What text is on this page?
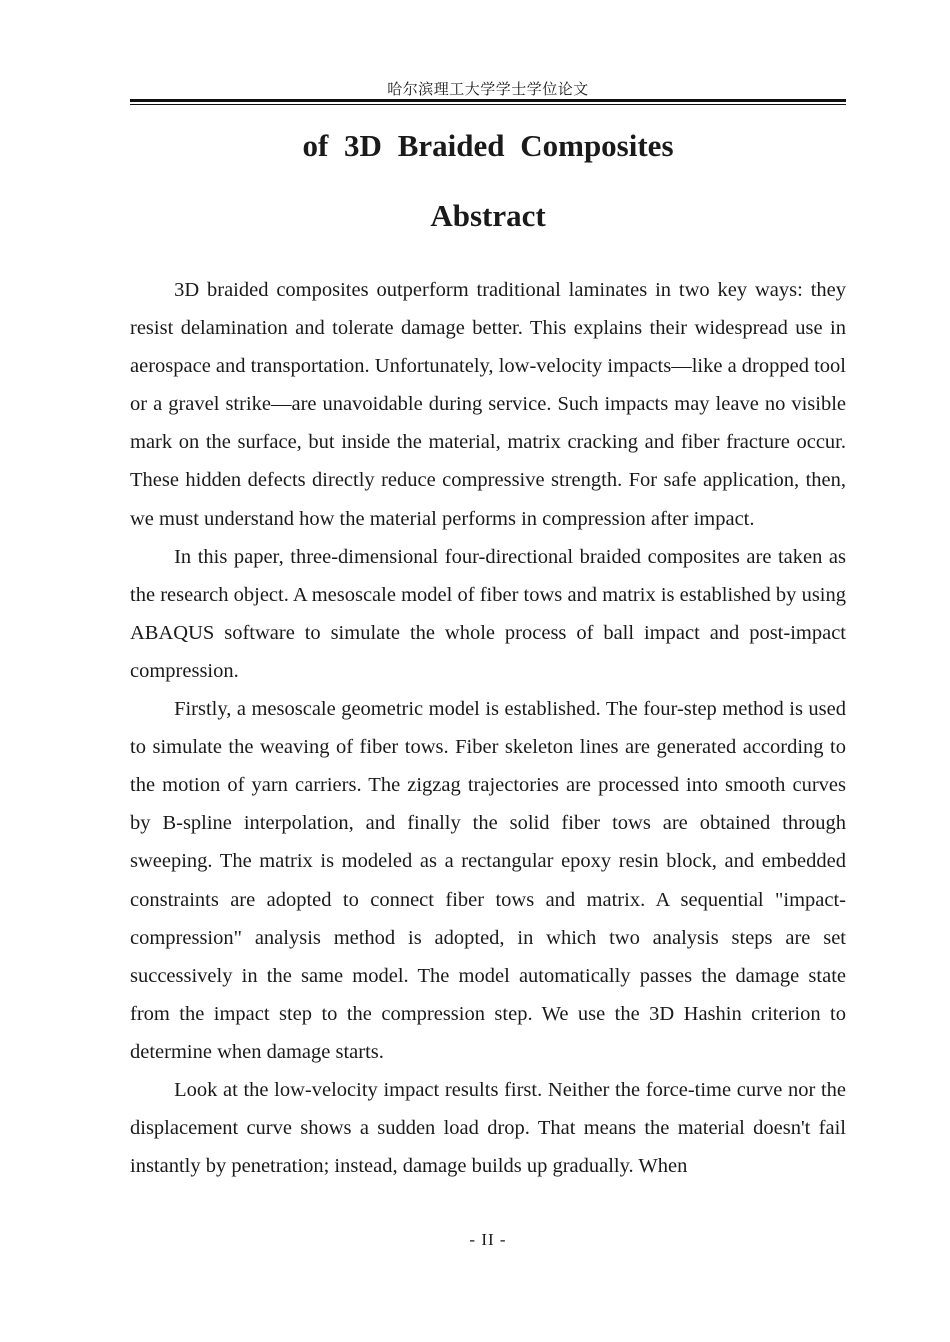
哈尔滨理工大学学士学位论文
of 3D Braided Composites
Abstract

3D braided composites outperform traditional laminates in two key ways: they resist delamination and tolerate damage better. This explains their widespread use in aerospace and transportation. Unfortunately, low-velocity impacts—like a dropped tool or a gravel strike—are unavoidable during service. Such impacts may leave no visible mark on the surface, but inside the material, matrix cracking and fiber fracture occur. These hidden defects directly reduce compressive strength. For safe application, then, we must understand how the material performs in compression after impact.

In this paper, three-dimensional four-directional braided composites are taken as the research object. A mesoscale model of fiber tows and matrix is established by using ABAQUS software to simulate the whole process of ball impact and post-impact compression.

Firstly, a mesoscale geometric model is established. The four-step method is used to simulate the weaving of fiber tows. Fiber skeleton lines are generated according to the motion of yarn carriers. The zigzag trajectories are processed into smooth curves by B-spline interpolation, and finally the solid fiber tows are obtained through sweeping. The matrix is modeled as a rectangular epoxy resin block, and embedded constraints are adopted to connect fiber tows and matrix. A sequential "impact-compression" analysis method is adopted, in which two analysis steps are set successively in the same model. The model automatically passes the damage state from the impact step to the compression step. We use the 3D Hashin criterion to determine when damage starts.

Look at the low-velocity impact results first. Neither the force-time curve nor the displacement curve shows a sudden load drop. That means the material doesn't fail instantly by penetration; instead, damage builds up gradually. When

- II -
